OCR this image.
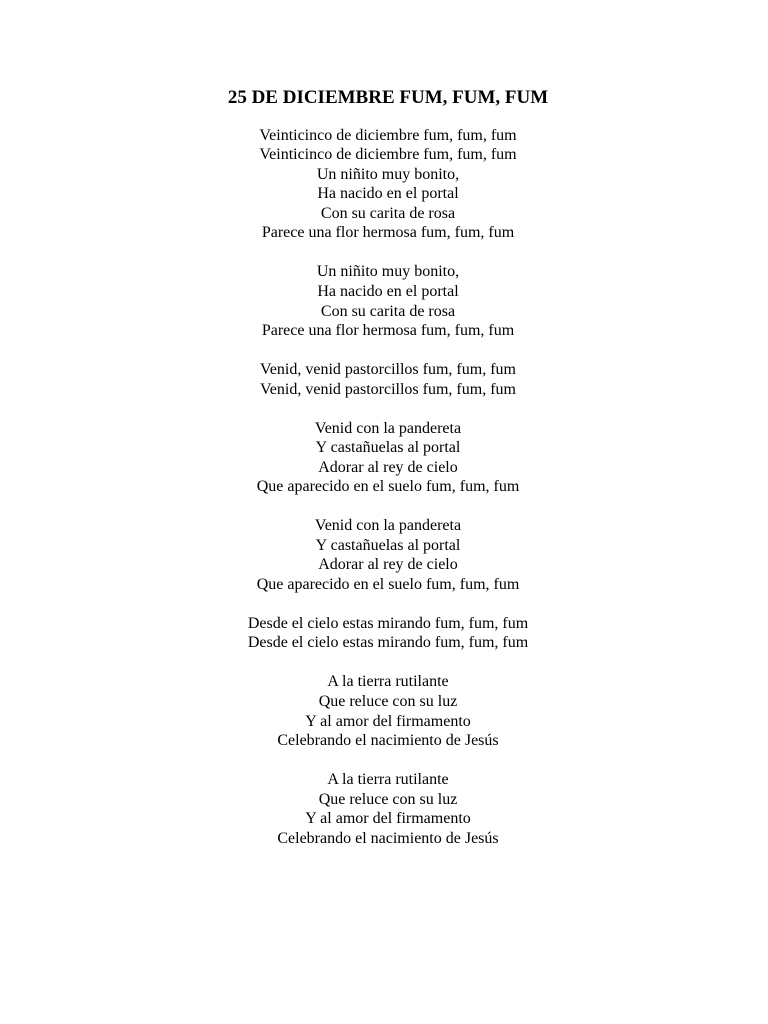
25 DE DICIEMBRE FUM, FUM, FUM
Veinticinco de diciembre fum, fum, fum
Veinticinco de diciembre fum, fum, fum
Un niñito muy bonito,
Ha nacido en el portal
Con su carita de rosa
Parece una flor hermosa fum, fum, fum
Un niñito muy bonito,
Ha nacido en el portal
Con su carita de rosa
Parece una flor hermosa fum, fum, fum
Venid, venid pastorcillos fum, fum, fum
Venid, venid pastorcillos fum, fum, fum
Venid con la pandereta
Y castañuelas al portal
Adorar al rey de cielo
Que aparecido en el suelo fum, fum, fum
Venid con la pandereta
Y castañuelas al portal
Adorar al rey de cielo
Que aparecido en el suelo fum, fum, fum
Desde el cielo estas mirando fum, fum, fum
Desde el cielo estas mirando fum, fum, fum
A la tierra rutilante
Que reluce con su luz
Y al amor del firmamento
Celebrando el nacimiento de Jesús
A la tierra rutilante
Que reluce con su luz
Y al amor del firmamento
Celebrando el nacimiento de Jesús
